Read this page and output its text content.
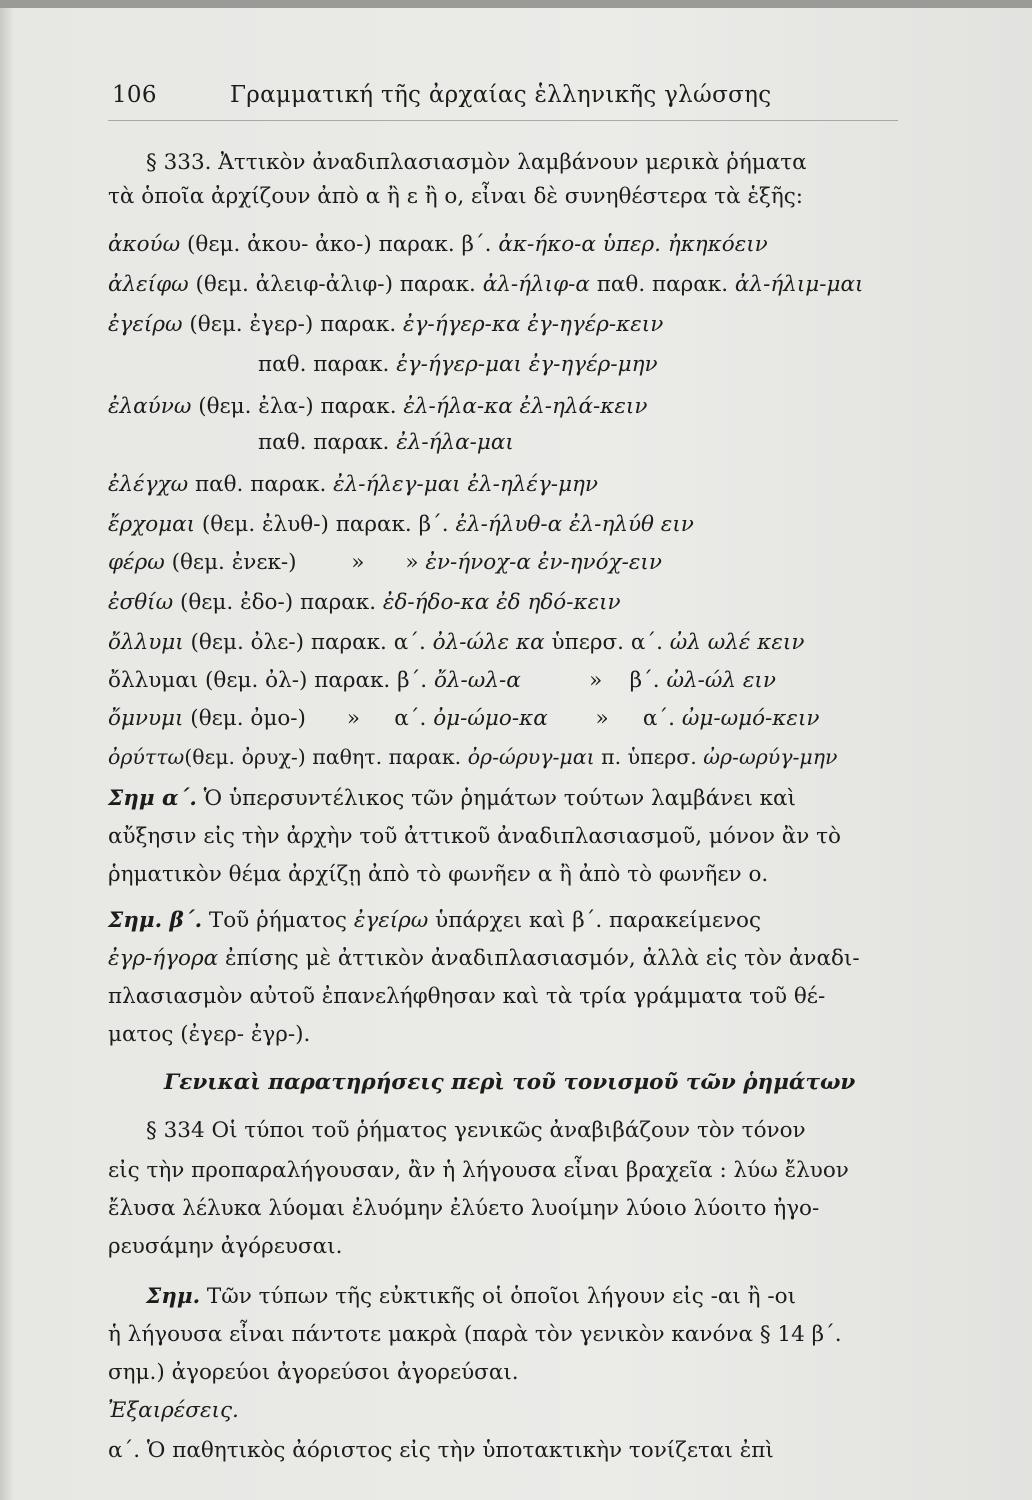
106	Γραμματική τῆς ἀρχαίας ἑλληνικῆς γλώσσης
§ 333. Ἀττικὸν ἀναδιπλασιασμὸν λαμβάνουν μερικὰ ῥήματα
τὰ ὁποῖα ἀρχίζουν ἀπὸ α ἢ ε ἢ ο, εἶναι δὲ συνηθέστερα τὰ ἑξῆς:
ἀκούω (θεμ. ἀκου- ἀκο-) παρακ. β΄. ἀκ-ήκο-α ὑπερ. ἠκηκόειν
ἀλείφω (θεμ. ἀλειφ-ἀλιφ-) παρακ. ἀλ-ήλιφ-α παθ. παρακ. ἀλ-ήλιμ-μαι
ἐγείρω (θεμ. ἐγερ-) παρακ. ἐγ-ήγερ-κα ἐγ-ηγέρ-κειν
παθ. παρακ. ἐγ-ήγερ-μαι ἐγ-ηγέρ-μην
ἐλαύνω (θεμ. ἐλα-) παρακ. ἐλ-ήλα-κα ἐλ-ηλά-κειν
παθ. παρακ. ἐλ-ήλα-μαι
ἐλέγχω παθ. παρακ. ἐλ-ήλεγ-μαι ἐλ-ηλέγ-μην
ἔρχομαι (θεμ. ἐλυθ-) παρακ. β΄. ἐλ-ήλυθ-α ἐλ-ηλύθ ειν
φέρω (θεμ. ἐνεκ-)        »      » ἐν-ήνοχ-α ἐν-ηνόχ-ειν
ἐσθίω (θεμ. ἐδο-) παρακ. ἐδ-ήδο-κα ἐδ ηδό-κειν
ὄλλυμι (θεμ. ὀλε-) παρακ. α΄. ὀλ-ώλε κα ὑπερσ. α΄. ὠλ ωλέ κειν
ὄλλυμαι (θεμ. ὀλ-) παρακ. β΄. ὄλ-ωλ-α          »    β΄. ὠλ-ώλ ειν
ὄμνυμι (θεμ. ὀμο-)      »     α΄. ὀμ-ώμο-κα       »     α΄. ὠμ-ωμό-κειν
ὀρύττω(θεμ. ὀρυχ-) παθητ. παρακ. ὀρ-ώρυγ-μαι π. ὑπερσ. ὠρ-ωρύγ-μην
Σημ α΄. Ὁ ὑπερσυντέλικος τῶν ῥημάτων τούτων λαμβάνει καὶ
αὔξησιν εἰς τὴν ἀρχὴν τοῦ ἀττικοῦ ἀναδιπλασιασμοῦ, μόνον ἂν τὸ
ῥηματικὸν θέμα ἀρχίζῃ ἀπὸ τὸ φωνῆεν α ἢ ἀπὸ τὸ φωνῆεν ο.
Σημ. β΄. Τοῦ ῥήματος ἐγείρω ὑπάρχει καὶ β΄. παρακείμενος
ἐγρ-ήγορα ἐπίσης μὲ ἀττικὸν ἀναδιπλασιασμόν, ἀλλὰ εἰς τὸν ἀναδι-
πλασιασμὸν αὐτοῦ ἐπανελήφθησαν καὶ τὰ τρία γράμματα τοῦ θέ-
ματος (ἐγερ- ἐγρ-).
Γενικαὶ παρατηρήσεις περὶ τοῦ τονισμοῦ τῶν ῥημάτων
§ 334 Οἱ τύποι τοῦ ῥήματος γενικῶς ἀναβιβάζουν τὸν τόνον
εἰς τὴν προπαραλήγουσαν, ἂν ἡ λήγουσα εἶναι βραχεῖα : λύω ἔλυον
ἔλυσα λέλυκα λύομαι ἐλυόμην ἐλύετο λυοίμην λύοιο λύοιτο ἠγο-
ρευσάμην ἀγόρευσαι.
Σημ. Τῶν τύπων τῆς εὐκτικῆς οἱ ὁποῖοι λήγουν εἰς -αι ἢ -οι
ἡ λήγουσα εἶναι πάντοτε μακρὰ (παρὰ τὸν γενικὸν κανόνα § 14 β΄.
σημ.) ἀγορεύοι ἀγορεύσοι ἀγορεύσαι.
Ἐξαιρέσεις.
α΄. Ὁ παθητικὸς ἀόριστος εἰς τὴν ὑποτακτικὴν τονίζεται ἐπὶ
